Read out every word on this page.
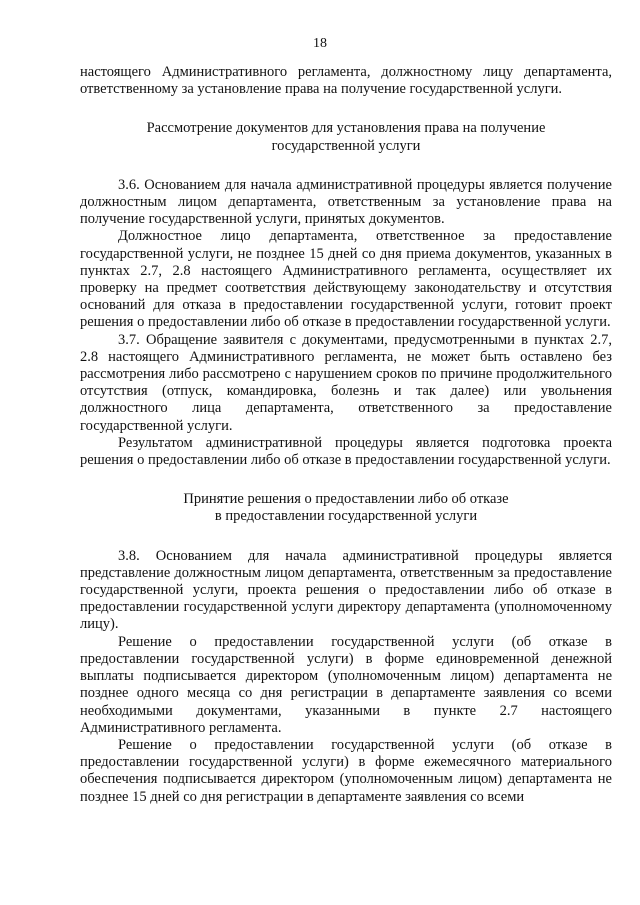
18

настоящего Административного регламента, должностному лицу департамента, ответственному за установление права на получение государственной услуги.

Рассмотрение документов для установления права на получение

государственной услуги

3.6. Основанием для начала административной процедуры является получение должностным лицом департамента, ответственным за установление права на получение государственной услуги, принятых документов.

Должностное лицо департамента, ответственное за предоставление государственной услуги, не позднее 15 дней со дня приема документов, указанных в пунктах 2.7, 2.8 настоящего Административного регламента, осуществляет их проверку на предмет соответствия действующему законодательству и отсутствия оснований для отказа в предоставлении государственной услуги, готовит проект решения о предоставлении либо об отказе в предоставлении государственной услуги.

3.7. Обращение заявителя с документами, предусмотренными в пунктах 2.7, 2.8 настоящего Административного регламента, не может быть оставлено без рассмотрения либо рассмотрено с нарушением сроков по причине продолжительного отсутствия (отпуск, командировка, болезнь и так далее) или увольнения должностного лица департамента, ответственного за предоставление государственной услуги.

Результатом административной процедуры является подготовка проекта решения о предоставлении либо об отказе в предоставлении государственной услуги.

Принятие решения о предоставлении либо об отказе

в предоставлении государственной услуги

3.8. Основанием для начала административной процедуры является представление должностным лицом департамента, ответственным за предоставление государственной услуги, проекта решения о предоставлении либо об отказе в предоставлении государственной услуги директору департамента (уполномоченному лицу).

Решение о предоставлении государственной услуги (об отказе в предоставлении государственной услуги) в форме единовременной денежной выплаты подписывается директором (уполномоченным лицом) департамента не позднее одного месяца со дня регистрации в департаменте заявления со всеми необходимыми документами, указанными в пункте 2.7 настоящего Административного регламента.

Решение о предоставлении государственной услуги (об отказе в предоставлении государственной услуги) в форме ежемесячного материального обеспечения подписывается директором (уполномоченным лицом) департамента не позднее 15 дней со дня регистрации в департаменте заявления со всеми
